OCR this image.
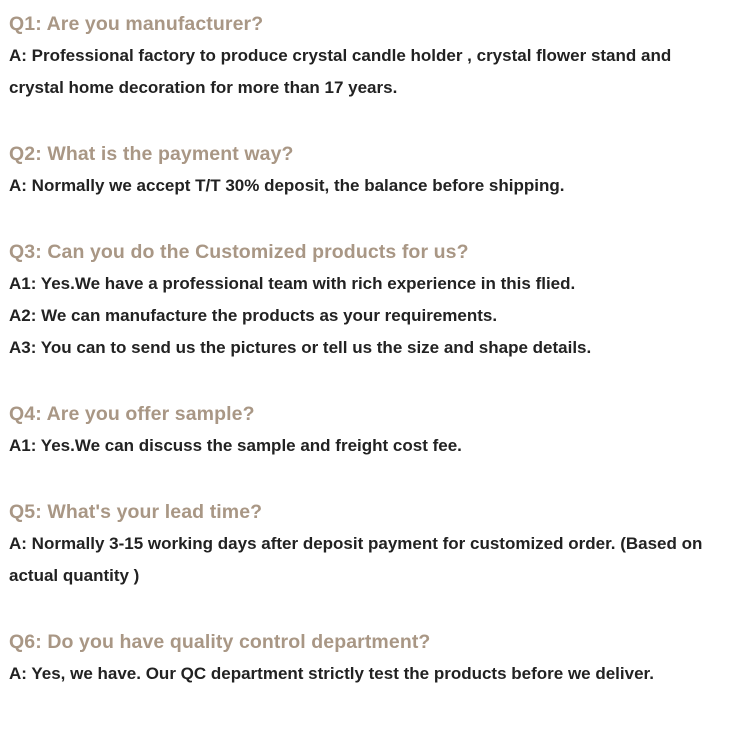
Q1: Are you manufacturer?
A: Professional factory to produce crystal candle holder , crystal flower stand and
crystal home decoration for more than 17 years.
Q2: What is the payment way?
A: Normally we accept T/T 30% deposit, the balance before shipping.
Q3: Can you do the Customized products for us?
A1: Yes.We have a professional team with rich experience in this flied.
A2: We can manufacture the products as your requirements.
A3: You can to send us the pictures or tell us the size and shape details.
Q4: Are you offer sample?
A1: Yes.We can discuss the sample and freight cost fee.
Q5: What's your lead time?
A: Normally 3-15 working days after deposit payment for customized order. (Based on
actual quantity )
Q6: Do you have quality control department?
A: Yes, we have. Our QC department strictly test the products before we deliver.
